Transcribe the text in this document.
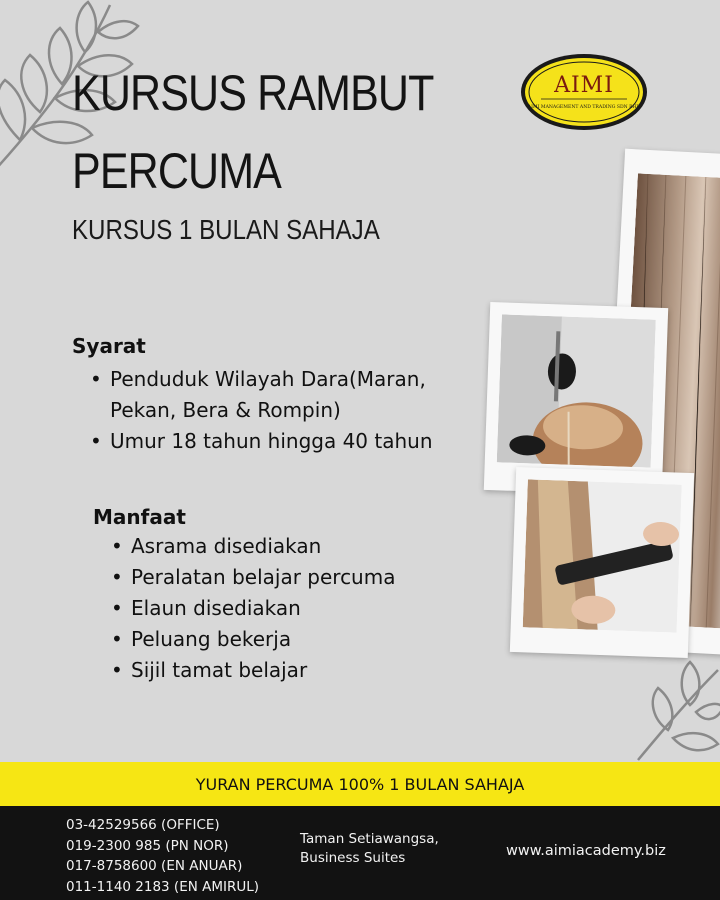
KURSUS RAMBUT
PERCUMA
KURSUS 1 BULAN SAHAJA
AIMI
AIMI MANAGEMENT AND TRADING SDN BHD
Syarat
• Penduduk Wilayah Dara(Maran, Pekan, Bera & Rompin)
• Umur 18 tahun hingga 40 tahun
Manfaat
• Asrama disediakan
• Peralatan belajar percuma
• Elaun disediakan
• Peluang bekerja
• Sijil tamat belajar
YURAN PERCUMA 100% 1 BULAN SAHAJA
03-42529566 (OFFICE)
019-2300 985 (PN NOR)
017-8758600 (EN ANUAR)
011-1140 2183 (EN AMIRUL)
Taman Setiawangsa,
Business Suites	www.aimiacademy.biz
